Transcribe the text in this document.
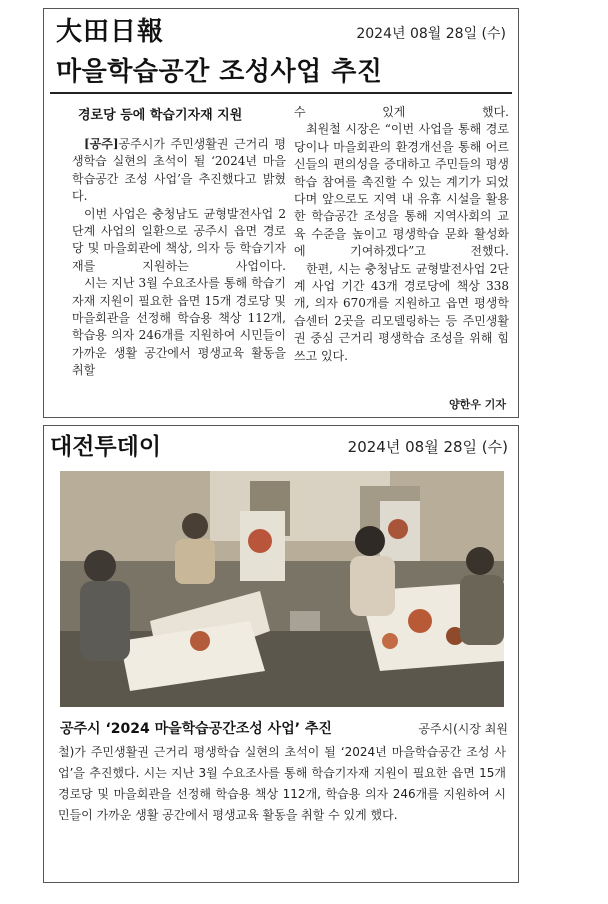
大田日報	2024년 08월 28일 (수)
마을학습공간 조성사업 추진
경로당 등에 학습기자재 지원

[공주]공주시가 주민생활권 근거리 평생학습 실현의 초석이 될 ‘2024년 마을학습공간 조성 사업’을 추진했다고 밝혔다.

이번 사업은 충청남도 균형발전사업 2단계 사업의 일환으로 공주시 읍면 경로당 및 마을회관에 책상, 의자 등 학습기자재를 지원하는 사업이다.

시는 지난 3월 수요조사를 통해 학습기자재 지원이 필요한 읍면 15개 경로당 및 마을회관을 선정해 학습용 책상 112개, 학습용 의자 246개를 지원하여 시민들이 가까운 생활 공간에서 평생교육 활동을 취할

수 있게 했다.

최원철 시장은 “이번 사업을 통해 경로당이나 마을회관의 환경개선을 통해 어르신들의 편의성을 증대하고 주민들의 평생학습 참여를 촉진할 수 있는 계기가 되었다며 앞으로도 지역 내 유휴 시설을 활용한 학습공간 조성을 통해 지역사회의 교육 수준을 높이고 평생학습 문화 활성화에 기여하겠다”고 전했다.

한편, 시는 충청남도 균형발전사업 2단계 사업 기간 43개 경로당에 책상 338개, 의자 670개를 지원하고 읍면 평생학습센터 2곳을 리모델링하는 등 주민생활권 중심 근거리 평생학습 조성을 위해 힘쓰고 있다.

양한우 기자
대전투데이	2024년 08월 28일 (수)
공주시 ‘2024 마을학습공간조성 사업’ 추진	공주시(시장 최원
철)가 주민생활권 근거리 평생학습 실현의 초석이 될 ‘2024년 마을학습공간 조성 사업’을 추진했다. 시는 지난 3월 수요조사를 통해 학습기자재 지원이 필요한 읍면 15개 경로당 및 마을회관을 선정해 학습용 책상 112개, 학습용 의자 246개를 지원하여 시민들이 가까운 생활 공간에서 평생교육 활동을 취할 수 있게 했다.
